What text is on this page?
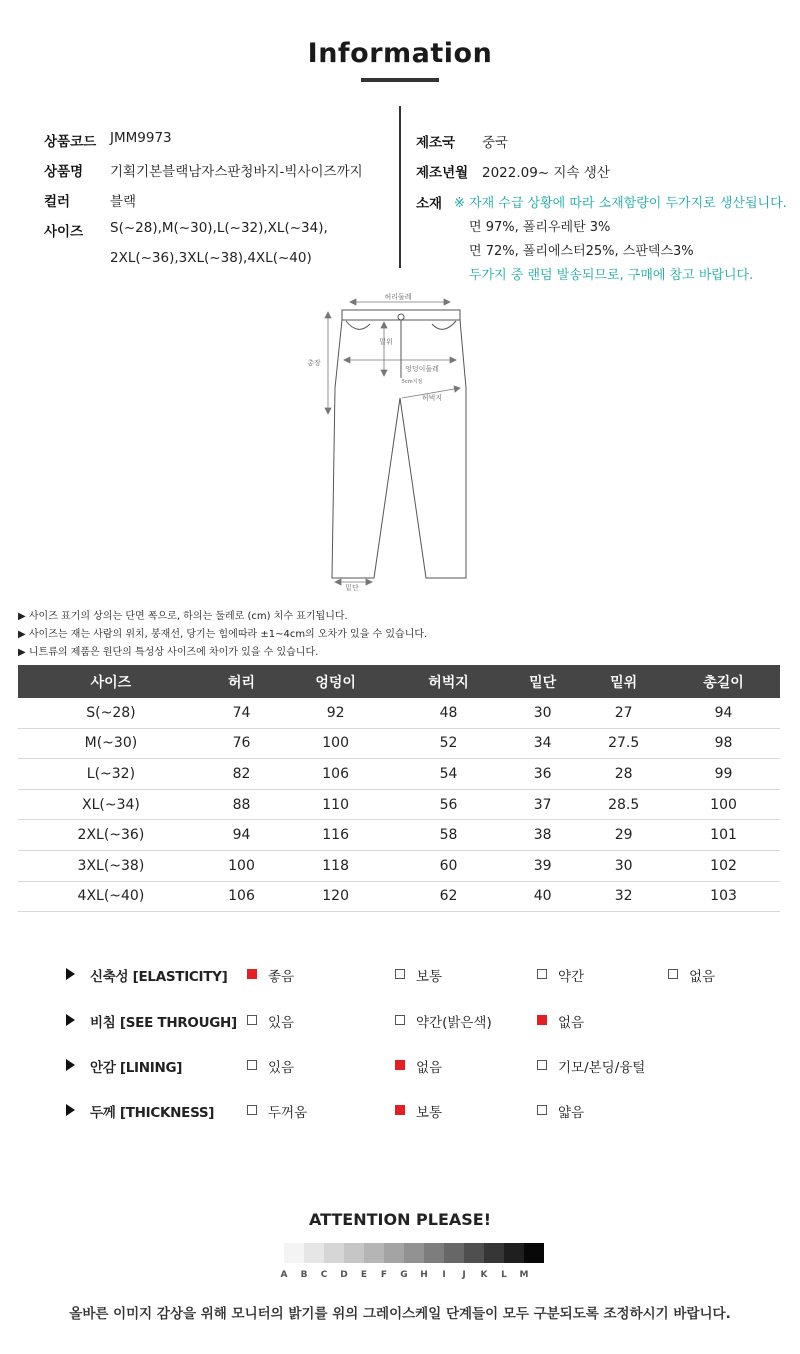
Information
상품코드 JMM9973
상품명 기획기본블랙남자스판청바지-빅사이즈까지
컬러	블랙
사이즈 S(~28),M(~30),L(~32),XL(~34),
2XL(~36),3XL(~38),4XL(~40)
제조국 중국
제조년월 2022.09~ 지속 생산
소재 ※ 자재 수급 상황에 따라 소재함량이 두가지로 생산됩니다.
면 97%, 폴리우레탄 3%
면 72%, 폴리에스터25%, 스판덱스3%
두가지 중 랜덤 발송되므로, 구매에 참고 바랍니다.
허리둘레
총장
밑위
엉덩이둘레
5cm지점
허벅지
밑단
▶ 사이즈 표기의 상의는 단면 폭으로, 하의는 둘레로 (cm) 치수 표기됩니다.
▶ 사이즈는 재는 사람의 위치, 봉재선, 당기는 힘에따라 ±1~4cm의 오차가 있을 수 있습니다.
▶ 니트류의 제품은 원단의 특성상 사이즈에 차이가 있을 수 있습니다.
사이즈	허리	엉덩이	허벅지	밑단	밑위	총길이
S(~28)	74	92	48	30	27	94
M(~30)	76	100	52	34	27.5	98
L(~32)	82	106	54	36	28	99
XL(~34)	88	110	56	37	28.5	100
2XL(~36)	94	116	58	38	29	101
3XL(~38)	100	118	60	39	30	102
4XL(~40)	106	120	62	40	32	103
신축성 [ELASTICITY]	좋음	보통	약간	없음
비침 [SEE THROUGH] 있음	약간(밝은색)	없음
안감 [LINING]	있음	없음	기모/본딩/융털
두께 [THICKNESS]	두꺼움	보통	얇음
ATTENTION PLEASE!
A	B	C	D	E	F	G	H	I	J	K	L	M
올바른 이미지 감상을 위해 모니터의 밝기를 위의 그레이스케일 단계들이 모두 구분되도록 조정하시기 바랍니다.
